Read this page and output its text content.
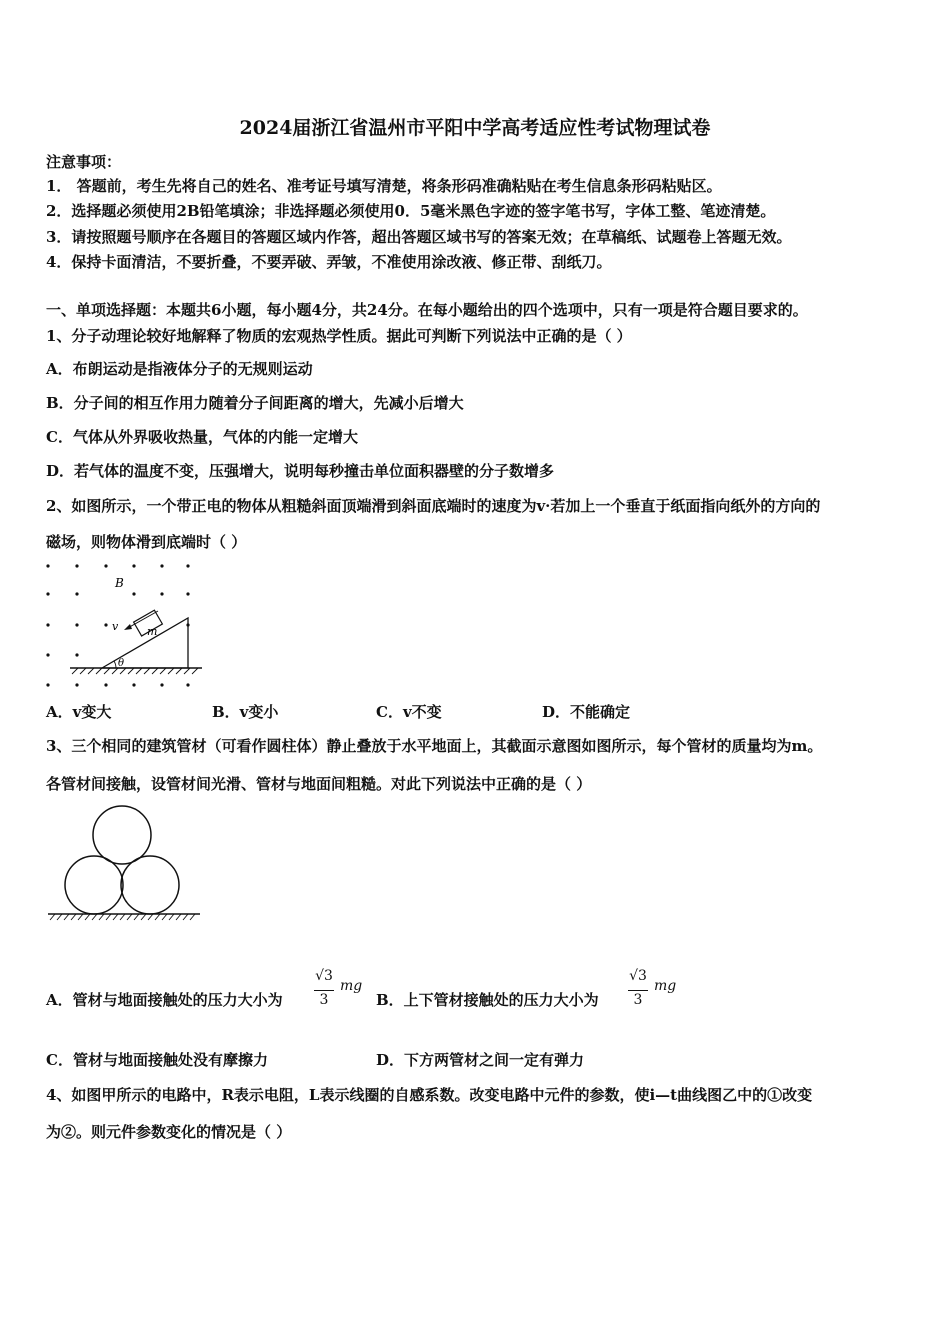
2024届浙江省温州市平阳中学高考适应性考试物理试卷
注意事项：
1． 答题前，考生先将自己的姓名、准考证号填写清楚，将条形码准确粘贴在考生信息条形码粘贴区。
2．选择题必须使用2B铅笔填涂；非选择题必须使用0．5毫米黑色字迹的签字笔书写，字体工整、笔迹清楚。
3．请按照题号顺序在各题目的答题区域内作答，超出答题区域书写的答案无效；在草稿纸、试题卷上答题无效。
4．保持卡面清洁，不要折叠，不要弄破、弄皱，不准使用涂改液、修正带、刮纸刀。
一、单项选择题：本题共6小题，每小题4分，共24分。在每小题给出的四个选项中，只有一项是符合题目要求的。
1、分子动理论较好地解释了物质的宏观热学性质。据此可判断下列说法中正确的是（ ）
A．布朗运动是指液体分子的无规则运动
B．分子间的相互作用力随着分子间距离的增大，先减小后增大
C．气体从外界吸收热量，气体的内能一定增大
D．若气体的温度不变，压强增大，说明每秒撞击单位面积器壁的分子数增多
2、如图所示，一个带正电的物体从粗糙斜面顶端滑到斜面底端时的速度为v·若加上一个垂直于纸面指向纸外的方向的
磁场，则物体滑到底端时（ ）
B
m
v
θ
A．v变大	B．v变小	C．v不变	D．不能确定
3、三个相同的建筑管材（可看作圆柱体）静止叠放于水平地面上，其截面示意图如图所示，每个管材的质量均为m。
各管材间接触，设管材间光滑、管材与地面间粗糙。对此下列说法中正确的是（ ）
A．管材与地面接触处的压力大小为
√3
3
mg
B．上下管材接触处的压力大小为
√3
3
mg
C．管材与地面接触处没有摩擦力	D．下方两管材之间一定有弹力
4、如图甲所示的电路中，R表示电阻，L表示线圈的自感系数。改变电路中元件的参数，使i—t曲线图乙中的①改变
为②。则元件参数变化的情况是（ ）
